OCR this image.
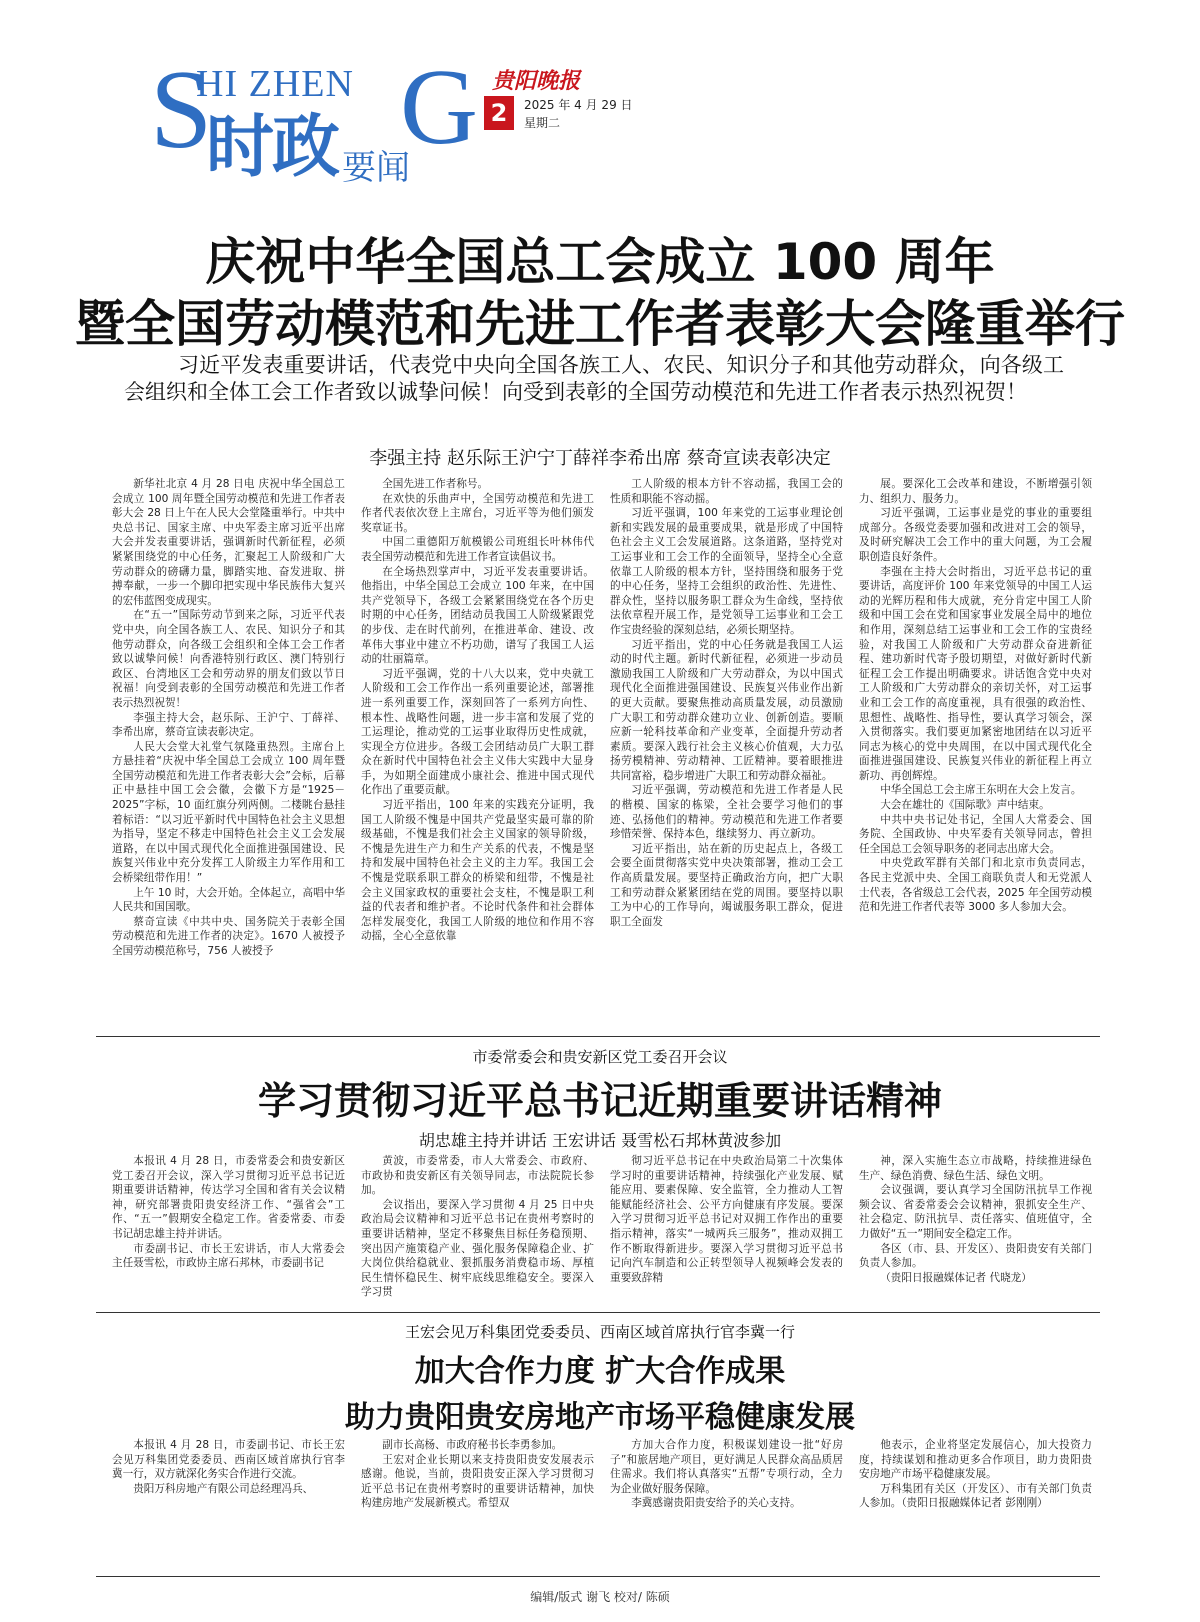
S
HI ZHEN G
时政 要闻
贵阳晚报
2	2025 年 4 月 29 日
星期二
庆祝中华全国总工会成立 100 周年
暨全国劳动模范和先进工作者表彰大会隆重举行
习近平发表重要讲话，代表党中央向全国各族工人、农民、知识分子和其他劳动群众，向各级工会组织和全体工会工作者致以诚挚问候！向受到表彰的全国劳动模范和先进工作者表示热烈祝贺！
李强主持 赵乐际王沪宁丁薛祥李希出席 蔡奇宣读表彰决定

新华社北京 4 月 28 日电 庆祝中华全国总工会成立 100 周年暨全国劳动模范和先进工作者表彰大会 28 日上午在人民大会堂隆重举行。中共中央总书记、国家主席、中央军委主席习近平出席大会并发表重要讲话，强调新时代新征程，必须紧紧围绕党的中心任务，汇聚起工人阶级和广大劳动群众的磅礴力量，脚踏实地、奋发进取、拼搏奉献，一步一个脚印把实现中华民族伟大复兴的宏伟蓝图变成现实。

在“五一”国际劳动节到来之际，习近平代表党中央，向全国各族工人、农民、知识分子和其他劳动群众，向各级工会组织和全体工会工作者致以诚挚问候！向香港特别行政区、澳门特别行政区、台湾地区工会和劳动界的朋友们致以节日祝福！向受到表彰的全国劳动模范和先进工作者表示热烈祝贺！

李强主持大会，赵乐际、王沪宁、丁薛祥、李希出席，蔡奇宣读表彰决定。

人民大会堂大礼堂气氛隆重热烈。主席台上方悬挂着“庆祝中华全国总工会成立 100 周年暨全国劳动模范和先进工作者表彰大会”会标，后幕正中悬挂中国工会会徽，会徽下方是“1925－2025”字标，10 面红旗分列两侧。二楼眺台悬挂着标语：“以习近平新时代中国特色社会主义思想为指导，坚定不移走中国特色社会主义工会发展道路，在以中国式现代化全面推进强国建设、民族复兴伟业中充分发挥工人阶级主力军作用和工会桥梁纽带作用！”

上午 10 时，大会开始。全体起立，高唱中华人民共和国国歌。

蔡奇宣读《中共中央、国务院关于表彰全国劳动模范和先进工作者的决定》。1670 人被授予全国劳动模范称号，756 人被授予

全国先进工作者称号。

在欢快的乐曲声中，全国劳动模范和先进工作者代表依次登上主席台，习近平等为他们颁发奖章证书。

中国二重德阳万航模锻公司班组长叶林伟代表全国劳动模范和先进工作者宣读倡议书。

在全场热烈掌声中，习近平发表重要讲话。他指出，中华全国总工会成立 100 年来，在中国共产党领导下，各级工会紧紧围绕党在各个历史时期的中心任务，团结动员我国工人阶级紧跟党的步伐、走在时代前列，在推进革命、建设、改革伟大事业中建立不朽功勋，谱写了我国工人运动的壮丽篇章。

习近平强调，党的十八大以来，党中央就工人阶级和工会工作作出一系列重要论述，部署推进一系列重要工作，深刻回答了一系列方向性、根本性、战略性问题，进一步丰富和发展了党的工运理论，推动党的工运事业取得历史性成就，实现全方位进步。各级工会团结动员广大职工群众在新时代中国特色社会主义伟大实践中大显身手，为如期全面建成小康社会、推进中国式现代化作出了重要贡献。

习近平指出，100 年来的实践充分证明，我国工人阶级不愧是中国共产党最坚实最可靠的阶级基础，不愧是我们社会主义国家的领导阶级，不愧是先进生产力和生产关系的代表，不愧是坚持和发展中国特色社会主义的主力军。我国工会不愧是党联系职工群众的桥梁和纽带，不愧是社会主义国家政权的重要社会支柱，不愧是职工利益的代表者和维护者。不论时代条件和社会群体怎样发展变化，我国工人阶级的地位和作用不容动摇，全心全意依靠

工人阶级的根本方针不容动摇，我国工会的性质和职能不容动摇。

习近平强调，100 年来党的工运事业理论创新和实践发展的最重要成果，就是形成了中国特色社会主义工会发展道路。这条道路，坚持党对工运事业和工会工作的全面领导，坚持全心全意依靠工人阶级的根本方针，坚持围绕和服务于党的中心任务，坚持工会组织的政治性、先进性、群众性，坚持以服务职工群众为生命线，坚持依法依章程开展工作，是党领导工运事业和工会工作宝贵经验的深刻总结，必须长期坚持。

习近平指出，党的中心任务就是我国工人运动的时代主题。新时代新征程，必须进一步动员激励我国工人阶级和广大劳动群众，为以中国式现代化全面推进强国建设、民族复兴伟业作出新的更大贡献。要聚焦推动高质量发展，动员激励广大职工和劳动群众建功立业、创新创造。要顺应新一轮科技革命和产业变革，全面提升劳动者素质。要深入践行社会主义核心价值观，大力弘扬劳模精神、劳动精神、工匠精神。要着眼推进共同富裕，稳步增进广大职工和劳动群众福祉。

习近平强调，劳动模范和先进工作者是人民的楷模、国家的栋梁，全社会要学习他们的事迹、弘扬他们的精神。劳动模范和先进工作者要珍惜荣誉、保持本色，继续努力、再立新功。

习近平指出，站在新的历史起点上，各级工会要全面贯彻落实党中央决策部署，推动工会工作高质量发展。要坚持正确政治方向，把广大职工和劳动群众紧紧团结在党的周围。要坚持以职工为中心的工作导向，竭诚服务职工群众，促进职工全面发

展。要深化工会改革和建设，不断增强引领力、组织力、服务力。

习近平强调，工运事业是党的事业的重要组成部分。各级党委要加强和改进对工会的领导，及时研究解决工会工作中的重大问题，为工会履职创造良好条件。

李强在主持大会时指出，习近平总书记的重要讲话，高度评价 100 年来党领导的中国工人运动的光辉历程和伟大成就，充分肯定中国工人阶级和中国工会在党和国家事业发展全局中的地位和作用，深刻总结工运事业和工会工作的宝贵经验，对我国工人阶级和广大劳动群众奋进新征程、建功新时代寄予殷切期望，对做好新时代新征程工会工作提出明确要求。讲话饱含党中央对工人阶级和广大劳动群众的亲切关怀，对工运事业和工会工作的高度重视，具有很强的政治性、思想性、战略性、指导性，要认真学习领会，深入贯彻落实。我们要更加紧密地团结在以习近平同志为核心的党中央周围，在以中国式现代化全面推进强国建设、民族复兴伟业的新征程上再立新功、再创辉煌。

中华全国总工会主席王东明在大会上发言。

大会在雄壮的《国际歌》声中结束。

中共中央书记处书记，全国人大常委会、国务院、全国政协、中央军委有关领导同志，曾担任全国总工会领导职务的老同志出席大会。

中央党政军群有关部门和北京市负责同志，各民主党派中央、全国工商联负责人和无党派人士代表，各省级总工会代表，2025 年全国劳动模范和先进工作者代表等 3000 多人参加大会。

市委常委会和贵安新区党工委召开会议
学习贯彻习近平总书记近期重要讲话精神
胡忠雄主持并讲话 王宏讲话 聂雪松石邦林黄波参加

本报讯 4 月 28 日，市委常委会和贵安新区党工委召开会议，深入学习贯彻习近平总书记近期重要讲话精神，传达学习全国和省有关会议精神，研究部署贵阳贵安经济工作、“强省会”工作、“五一”假期安全稳定工作。省委常委、市委书记胡忠雄主持并讲话。

市委副书记、市长王宏讲话，市人大常委会主任聂雪松，市政协主席石邦林，市委副书记

黄波，市委常委，市人大常委会、市政府、市政协和贵安新区有关领导同志，市法院院长参加。

会议指出，要深入学习贯彻 4 月 25 日中央政治局会议精神和习近平总书记在贵州考察时的重要讲话精神，坚定不移聚焦目标任务稳预期、突出因产施策稳产业、强化服务保障稳企业、扩大岗位供给稳就业、狠抓服务消费稳市场、厚植民生情怀稳民生、树牢底线思维稳安全。要深入学习贯

彻习近平总书记在中央政治局第二十次集体学习时的重要讲话精神，持续强化产业发展、赋能应用、要素保障、安全监管，全力推动人工智能赋能经济社会、公平方向健康有序发展。要深入学习贯彻习近平总书记对双拥工作作出的重要指示精神，落实“一城两兵三服务”，推动双拥工作不断取得新进步。要深入学习贯彻习近平总书记向汽车制造和公正转型领导人视频峰会发表的重要致辞精

神，深入实施生态立市战略，持续推进绿色生产、绿色消费、绿色生活、绿色文明。

会议强调，要认真学习全国防汛抗旱工作视频会议、省委常委会会议精神，狠抓安全生产、社会稳定、防汛抗旱、责任落实、值班值守，全力做好“五一”期间安全稳定工作。

各区（市、县、开发区）、贵阳贵安有关部门负责人参加。

（贵阳日报融媒体记者 代晓龙）

王宏会见万科集团党委委员、西南区域首席执行官李冀一行
加大合作力度 扩大合作成果
助力贵阳贵安房地产市场平稳健康发展

本报讯 4 月 28 日，市委副书记、市长王宏会见万科集团党委委员、西南区域首席执行官李冀一行，双方就深化务实合作进行交流。

贵阳万科房地产有限公司总经理冯兵、

副市长高杨、市政府秘书长李勇参加。

王宏对企业长期以来支持贵阳贵安发展表示感谢。他说，当前，贵阳贵安正深入学习贯彻习近平总书记在贵州考察时的重要讲话精神，加快构建房地产发展新模式。希望双

方加大合作力度，积极谋划建设一批“好房子”和旅居地产项目，更好满足人民群众高品质居住需求。我们将认真落实“五帮”专项行动，全力为企业做好服务保障。

李冀感谢贵阳贵安给予的关心支持。

他表示，企业将坚定发展信心，加大投资力度，持续谋划和推动更多合作项目，助力贵阳贵安房地产市场平稳健康发展。

万科集团有关区（开发区）、市有关部门负责人参加。（贵阳日报融媒体记者 彭刚刚）

编辑/版式 谢飞 校对/ 陈硕
